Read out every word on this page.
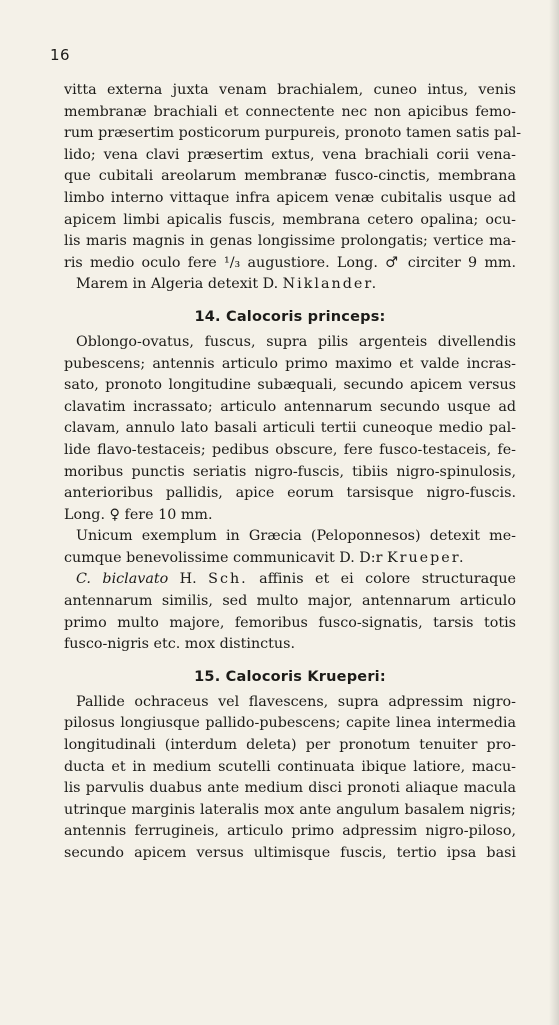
16
vitta externa juxta venam brachialem, cuneo intus, venis
membranæ brachiali et connectente nec non apicibus femo-
rum præsertim posticorum purpureis, pronoto tamen satis pal-
lido; vena clavi præsertim extus, vena brachiali corii vena-
que cubitali areolarum membranæ fusco-cinctis, membrana
limbo interno vittaque infra apicem venæ cubitalis usque ad
apicem limbi apicalis fuscis, membrana cetero opalina; ocu-
lis maris magnis in genas longissime prolongatis; vertice ma-
ris medio oculo fere ¹/₃ augustiore. Long. ♂ circiter 9 mm.
Marem in Algeria detexit D. Niklander.
14. Calocoris princeps:
Oblongo-ovatus, fuscus, supra pilis argenteis divellendis
pubescens; antennis articulo primo maximo et valde incras-
sato, pronoto longitudine subæquali, secundo apicem versus
clavatim incrassato; articulo antennarum secundo usque ad
clavam, annulo lato basali articuli tertii cuneoque medio pal-
lide flavo-testaceis; pedibus obscure, fere fusco-testaceis, fe-
moribus punctis seriatis nigro-fuscis, tibiis nigro-spinulosis,
anterioribus pallidis, apice eorum tarsisque nigro-fuscis.
Long. ♀ fere 10 mm.
Unicum exemplum in Græcia (Peloponnesos) detexit me-
cumque benevolissime communicavit D. D:r Krueper.
C. biclavato H. Sch. affinis et ei colore structuraque
antennarum similis, sed multo major, antennarum articulo
primo multo majore, femoribus fusco-signatis, tarsis totis
fusco-nigris etc. mox distinctus.
15. Calocoris Krueperi:
Pallide ochraceus vel flavescens, supra adpressim nigro-
pilosus longiusque pallido-pubescens; capite linea intermedia
longitudinali (interdum deleta) per pronotum tenuiter pro-
ducta et in medium scutelli continuata ibique latiore, macu-
lis parvulis duabus ante medium disci pronoti aliaque macula
utrinque marginis lateralis mox ante angulum basalem nigris;
antennis ferrugineis, articulo primo adpressim nigro-piloso,
secundo apicem versus ultimisque fuscis, tertio ipsa basi
